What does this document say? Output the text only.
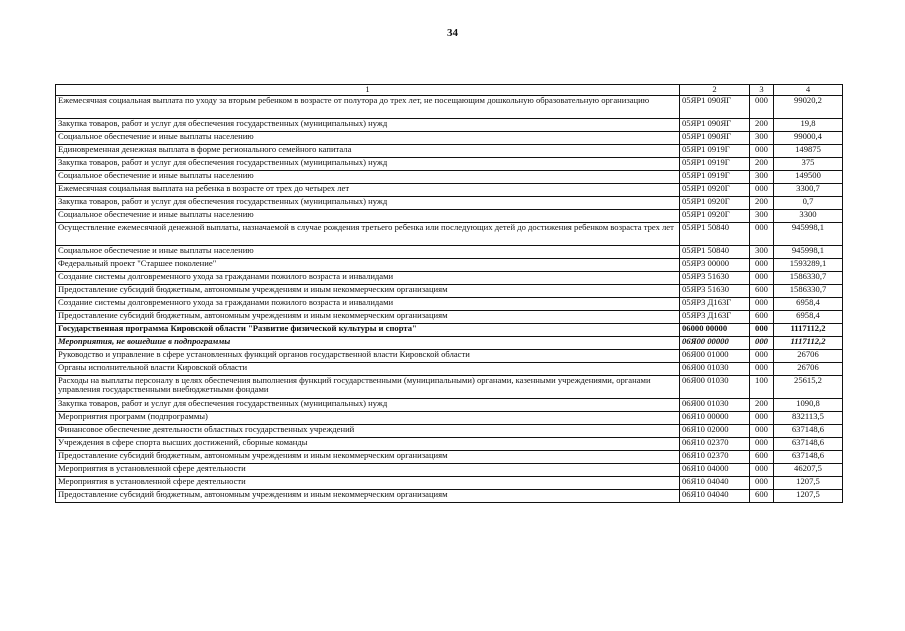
34
1	2	3	4
Ежемесячная социальная выплата по уходу за вторым ребенком в возрасте от полутора до трех лет, не посещающим дошкольную образовательную организацию	05ЯР1 090ЯГ	000	99020,2
Закупка товаров, работ и услуг для обеспечения государственных (муниципальных) нужд	05ЯР1 090ЯГ	200	19,8
Социальное обеспечение и иные выплаты населению	05ЯР1 090ЯГ	300	99000,4
Единовременная денежная выплата в форме регионального семейного капитала	05ЯР1 0919Г	000	149875
Закупка товаров, работ и услуг для обеспечения государственных (муниципальных) нужд	05ЯР1 0919Г	200	375
Социальное обеспечение и иные выплаты населению	05ЯР1 0919Г	300	149500
Ежемесячная социальная выплата на ребенка в возрасте от трех до четырех лет	05ЯР1 0920Г	000	3300,7
Закупка товаров, работ и услуг для обеспечения государственных (муниципальных) нужд	05ЯР1 0920Г	200	0,7
Социальное обеспечение и иные выплаты населению	05ЯР1 0920Г	300	3300
Осуществление ежемесячной денежной выплаты, назначаемой в случае рождения третьего ребенка или последующих детей до достижения ребенком возраста трех лет	05ЯР1 50840	000	945998,1
Социальное обеспечение и иные выплаты населению	05ЯР1 50840	300	945998,1
Федеральный проект "Старшее поколение"	05ЯР3 00000	000	1593289,1
Создание системы долговременного ухода за гражданами пожилого возраста и инвалидами	05ЯР3 51630	000	1586330,7
Предоставление субсидий бюджетным, автономным учреждениям и иным некоммерческим организациям	05ЯР3 51630	600	1586330,7
Создание системы долговременного ухода за гражданами пожилого возраста и инвалидами	05ЯР3 Д163Г	000	6958,4
Предоставление субсидий бюджетным, автономным учреждениям и иным некоммерческим организациям	05ЯР3 Д163Г	600	6958,4
Государственная программа Кировской области "Развитие физической культуры и спорта"	06000 00000	000	1117112,2
Мероприятия, не вошедшие в подпрограммы	06Я00 00000	000	1117112,2
Руководство и управление в сфере установленных функций органов государственной власти Кировской области	06Я00 01000	000	26706
Органы исполнительной власти Кировской области	06Я00 01030	000	26706
Расходы на выплаты персоналу в целях обеспечения выполнения функций государственными (муниципальными) органами, казенными учреждениями, органами управления государственными внебюджетными фондами	06Я00 01030	100	25615,2
Закупка товаров, работ и услуг для обеспечения государственных (муниципальных) нужд	06Я00 01030	200	1090,8
Мероприятия программ (подпрограммы)	06Я10 00000	000	832113,5
Финансовое обеспечение деятельности областных государственных учреждений	06Я10 02000	000	637148,6
Учреждения в сфере спорта высших достижений, сборные команды	06Я10 02370	000	637148,6
Предоставление субсидий бюджетным, автономным учреждениям и иным некоммерческим организациям	06Я10 02370	600	637148,6
Мероприятия в установленной сфере деятельности	06Я10 04000	000	46207,5
Мероприятия в установленной сфере деятельности	06Я10 04040	000	1207,5
Предоставление субсидий бюджетным, автономным учреждениям и иным некоммерческим организациям	06Я10 04040	600	1207,5
